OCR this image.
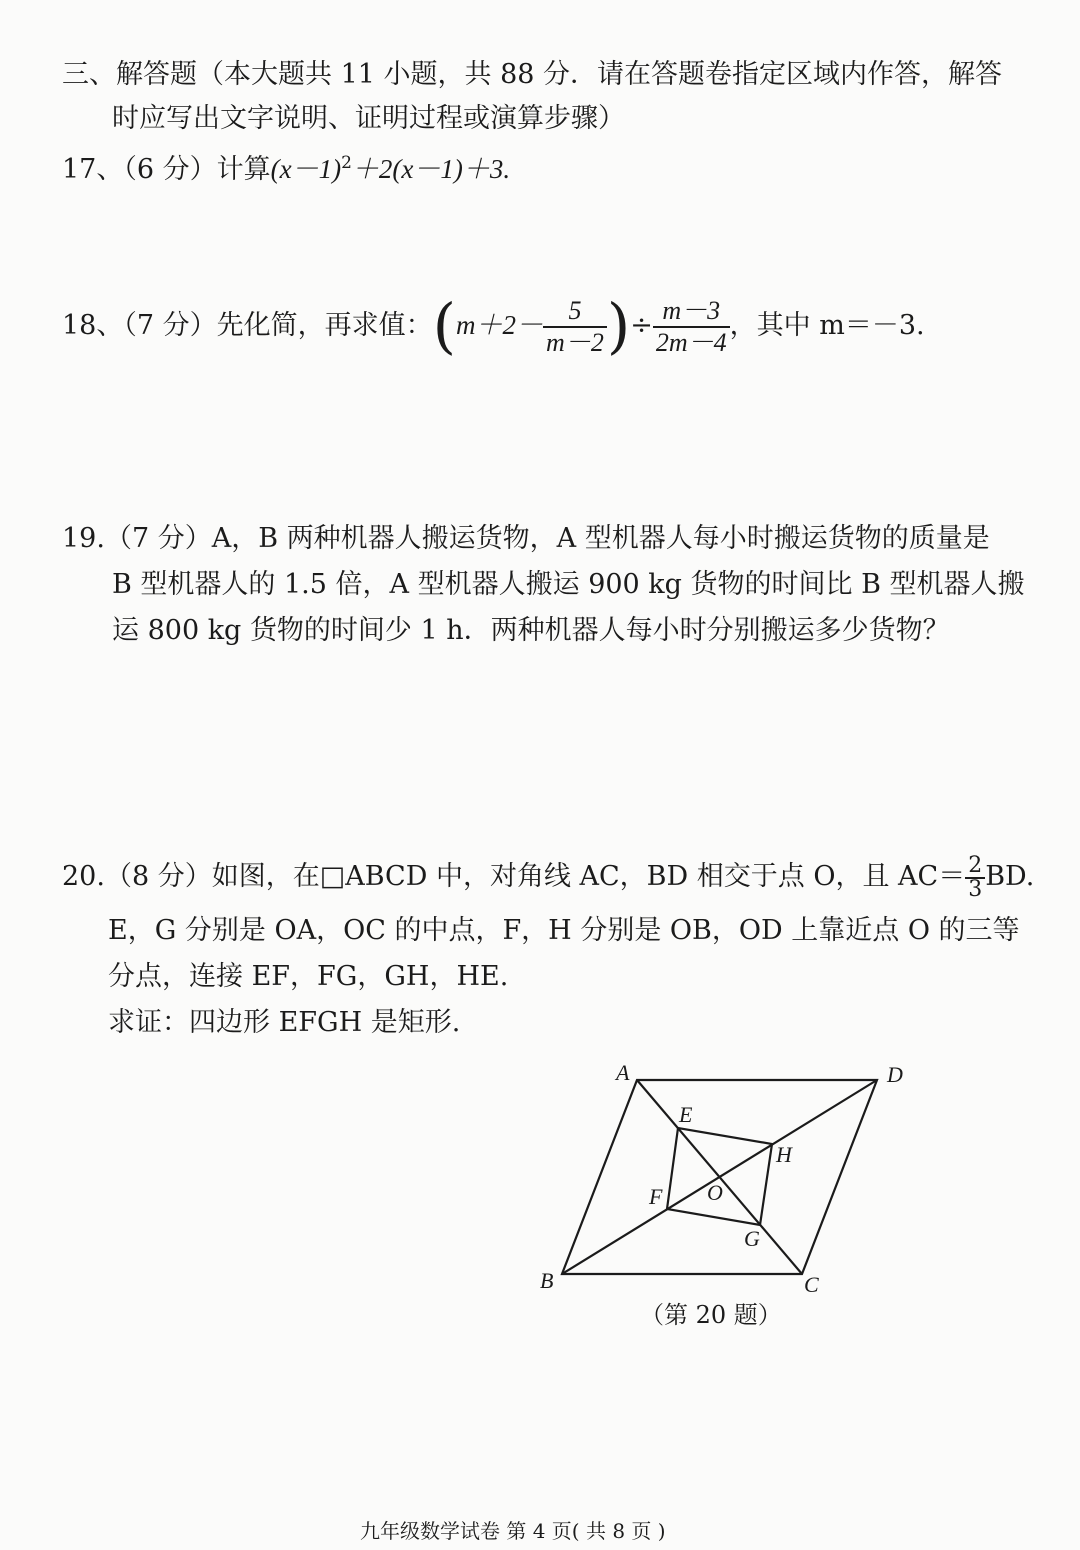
三、解答题（本大题共 11 小题，共 88 分．请在答题卷指定区域内作答，解答
时应写出文字说明、证明过程或演算步骤）
17、（6 分）计算$(x-1)^2+2(x-1)+3$.
18、（7 分）先化简，再求值：($m+2- \frac{5}{m-2}$ )÷ $\frac{m-3}{2m-4}$ ，其中 m＝－3.
19.（7 分）A，B 两种机器人搬运货物，A 型机器人每小时搬运货物的质量是
B 型机器人的 1.5 倍，A 型机器人搬运 900 kg 货物的时间比 B 型机器人搬
运 800 kg 货物的时间少 1 h．两种机器人每小时分别搬运多少货物？
20.（8 分）如图，在□ABCD 中，对角线 AC，BD 相交于点 O，且 $AC= \frac{2}{3}$ BD.
E，G 分别是 OA，OC 的中点，F，H 分别是 OB，OD 上靠近点 O 的三等
分点，连接 EF，FG，GH，HE.
求证：四边形 EFGH 是矩形.
A	D
B	C
E
H
F O
G
（第 20 题）
九年级数学试卷 第 4 页( 共 8 页 )
